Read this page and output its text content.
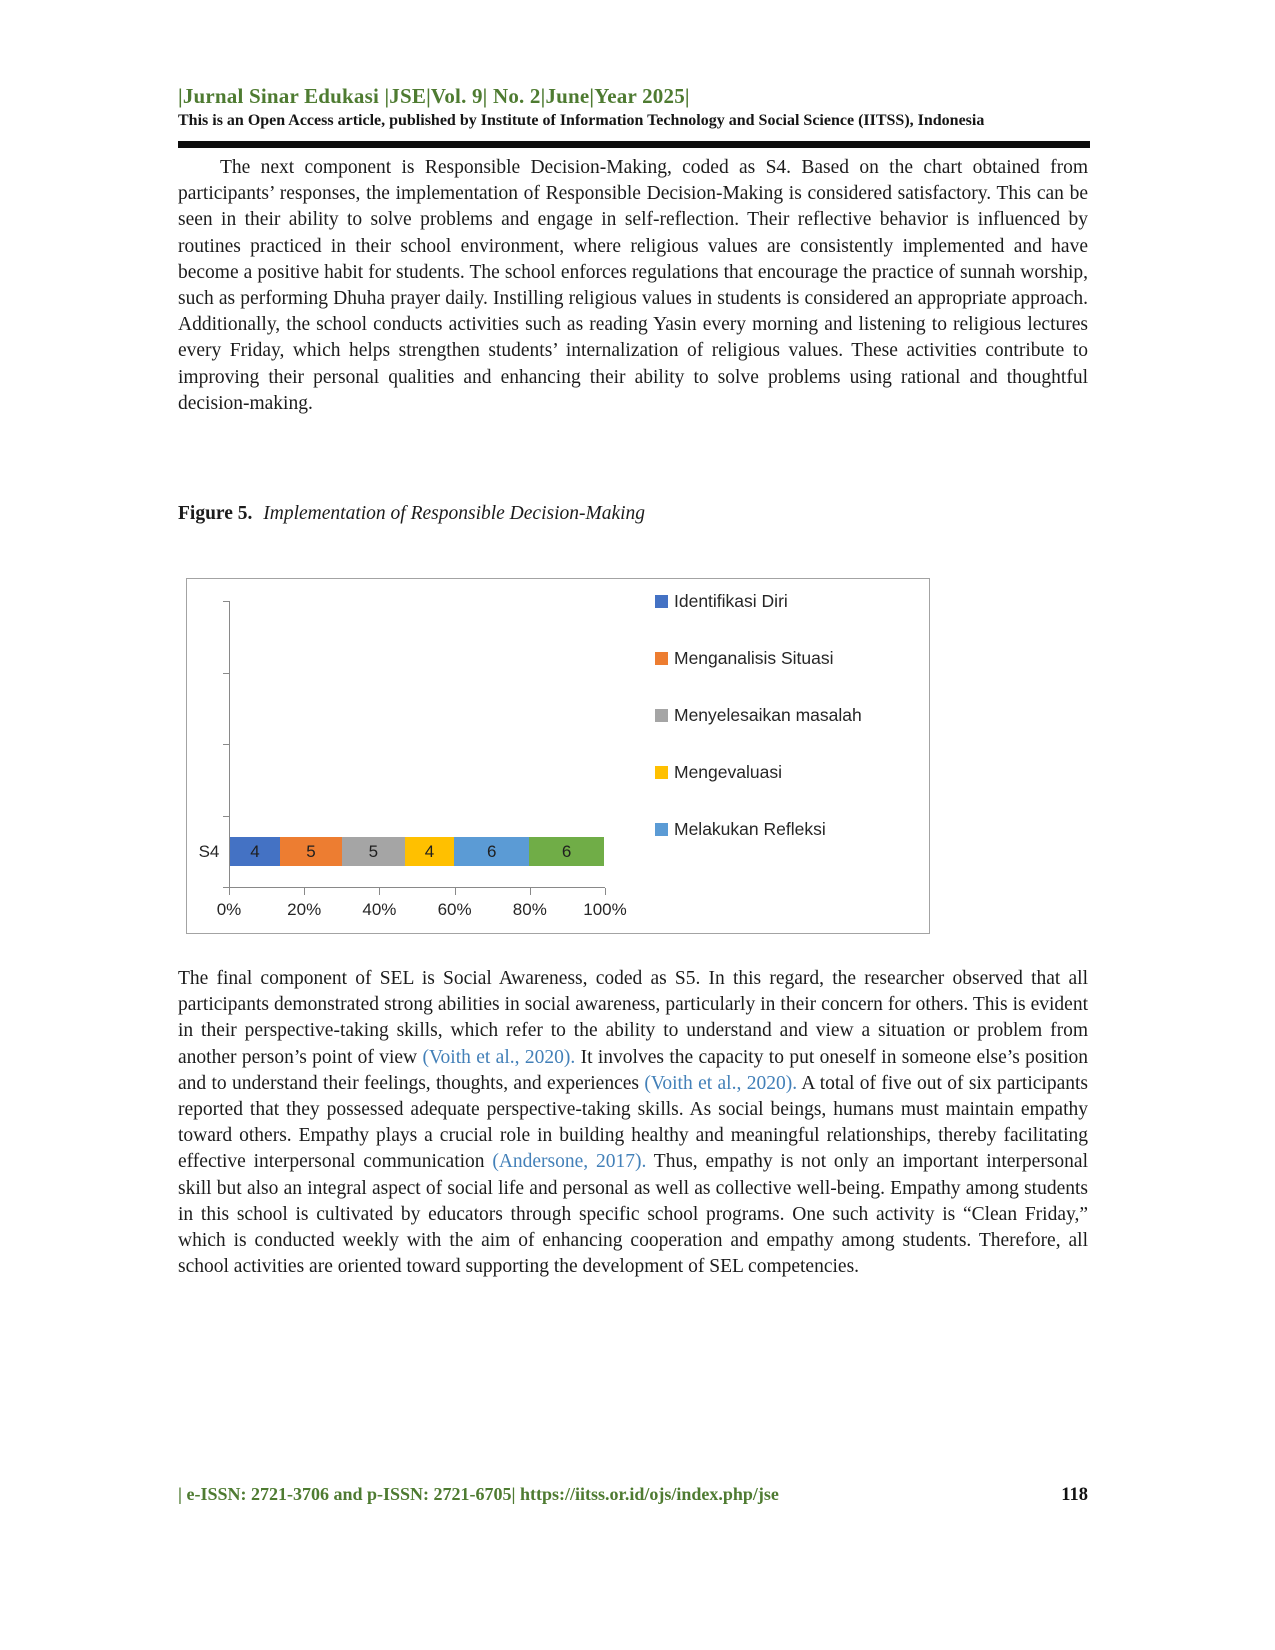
|Jurnal Sinar Edukasi |JSE|Vol. 9| No. 2|June|Year 2025|
This is an Open Access article, published by Institute of Information Technology and Social Science (IITSS), Indonesia

The next component is Responsible Decision-Making, coded as S4. Based on the chart obtained from participants’ responses, the implementation of Responsible Decision-Making is considered satisfactory. This can be seen in their ability to solve problems and engage in self-reflection. Their reflective behavior is influenced by routines practiced in their school environment, where religious values are consistently implemented and have become a positive habit for students. The school enforces regulations that encourage the practice of sunnah worship, such as performing Dhuha prayer daily. Instilling religious values in students is considered an appropriate approach. Additionally, the school conducts activities such as reading Yasin every morning and listening to religious lectures every Friday, which helps strengthen students’ internalization of religious values. These activities contribute to improving their personal qualities and enhancing their ability to solve problems using rational and thoughtful decision-making.

Figure 5. Implementation of Responsible Decision-Making
0%	20% 40% 60% 80% 100%
S4	4	5	5	4	6	6
Identifikasi Diri
Menganalisis Situasi
Menyelesaikan masalah
Mengevaluasi
Melakukan Refleksi

The final component of SEL is Social Awareness, coded as S5. In this regard, the researcher observed that all participants demonstrated strong abilities in social awareness, particularly in their concern for others. This is evident in their perspective-taking skills, which refer to the ability to understand and view a situation or problem from another person’s point of view (Voith et al., 2020). It involves the capacity to put oneself in someone else’s position and to understand their feelings, thoughts, and experiences (Voith et al., 2020). A total of five out of six participants reported that they possessed adequate perspective-taking skills. As social beings, humans must maintain empathy toward others. Empathy plays a crucial role in building healthy and meaningful relationships, thereby facilitating effective interpersonal communication (Andersone, 2017). Thus, empathy is not only an important interpersonal skill but also an integral aspect of social life and personal as well as collective well-being. Empathy among students in this school is cultivated by educators through specific school programs. One such activity is “Clean Friday,” which is conducted weekly with the aim of enhancing cooperation and empathy among students. Therefore, all school activities are oriented toward supporting the development of SEL competencies.

| e-ISSN: 2721-3706 and p-ISSN: 2721-6705| https://iitss.or.id/ojs/index.php/jse	118
